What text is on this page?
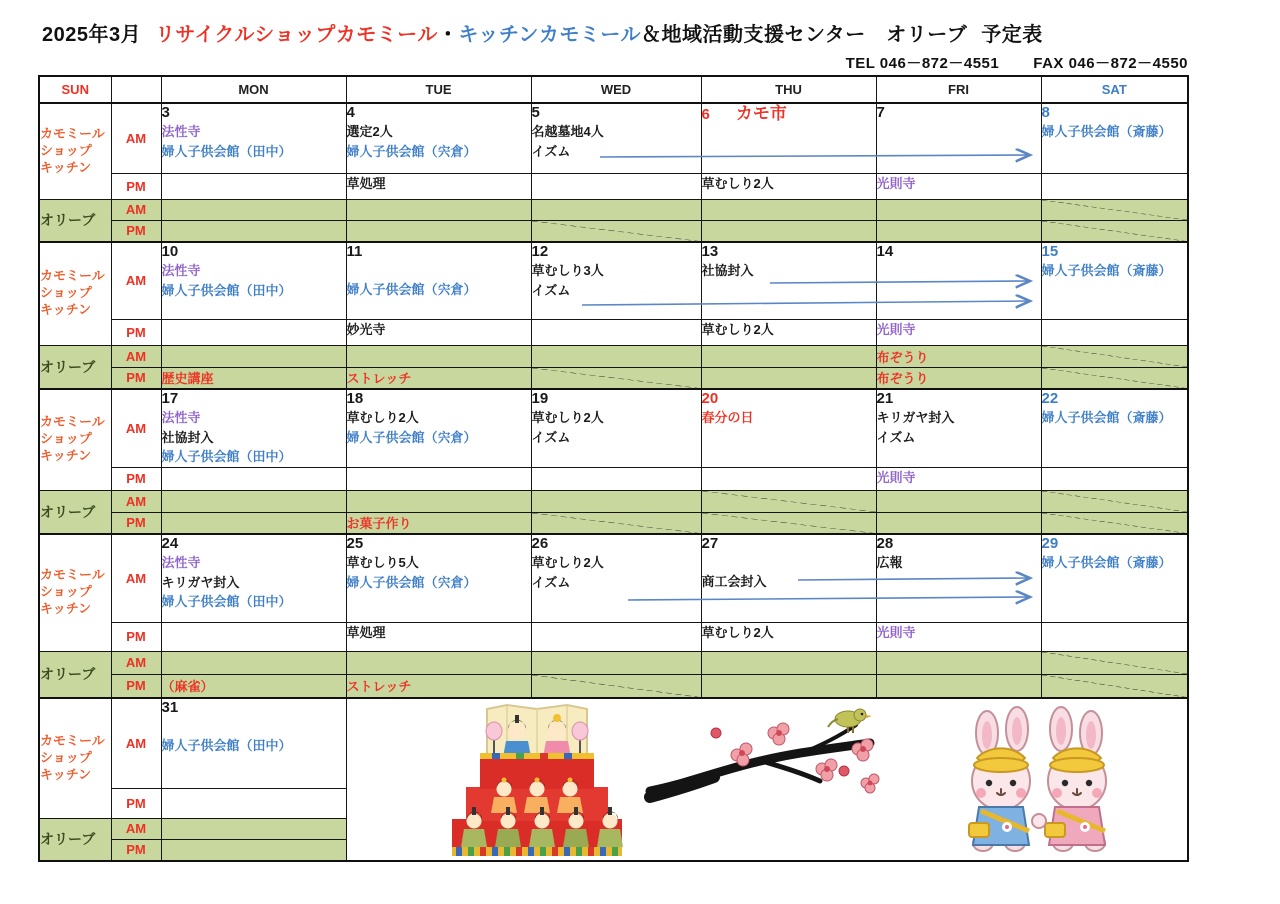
2025年3月 リサイクルショップカモミール・キッチンカモミール＆地域活動支援センター　オリーブ 予定表
TEL 046－872－4551 FAX 046－872－4550
SUN		MON	TUE	WED	THU	FRI	SAT
カモミール
ショップ
キッチン	AM	3
法性寺
婦人子供会館（田中）	4
選定2人
婦人子供会館（宍倉）	5
名越墓地4人
イズム	6 カモ市	7	8
婦人子供会館（斎藤）

	PM		草処理		草むしり2人	光則寺	

オリーブ	AM						

	PM			

カモミール
ショップ
キッチン	AM	10
法性寺
婦人子供会館（田中）	11
婦人子供会館（宍倉）	12
草むしり3人
イズム	13
社協封入	14	15
婦人子供会館（斎藤）

	PM		妙光寺		草むしり2人	光則寺	

オリーブ	AM					布ぞうり	

	PM	歴史講座	ストレッチ			布ぞうり	

カモミール
ショップ
キッチン	AM	17
法性寺
社協封入
婦人子供会館（田中）	18
草むしり2人
婦人子供会館（宍倉）	19
草むしり2人
イズム	20
春分の日	21
キリガヤ封入
イズム	22
婦人子供会館（斎藤）

	PM					光則寺	

オリーブ	AM				

	PM		お菓子作り	

カモミール
ショップ
キッチン	AM	24
法性寺
キリガヤ封入
婦人子供会館（田中）	25
草むしり5人
婦人子供会館（宍倉）	26
草むしり2人
イズム	27
商工会封入	28
広報	29
婦人子供会館（斎藤）

	PM		草処理		草むしり2人	光則寺	

オリーブ	AM						

	PM	（麻雀）	ストレッチ	

カモミール
ショップ
キッチン	AM	31
婦人子供会館（田中）

	PM						
オリーブ	AM						
	PM						
